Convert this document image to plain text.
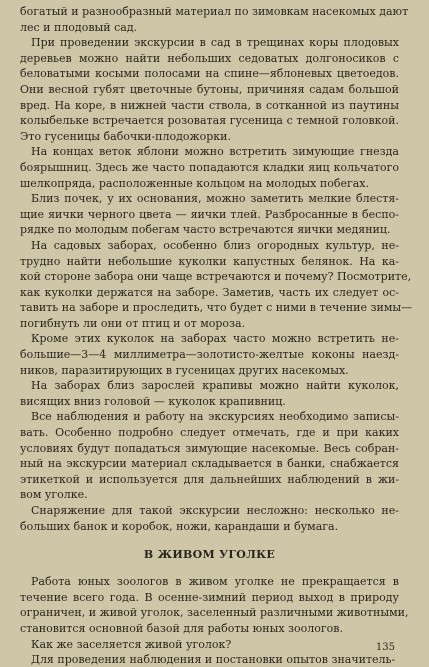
богатый и разнообразный материал по зимовкам насекомых дают
лес и плодовый сад.

При проведении экскурсии в сад в трещинах коры плодовых
деревьев можно найти небольших седоватых долгоносиков с
беловатыми косыми полосами на спине—яблоневых цветоедов.
Они весной губят цветочные бутоны, причиняя садам большой
вред. На коре, в нижней части ствола, в сотканной из паутины
колыбельке встречается розоватая гусеница с темной головкой.
Это гусеницы бабочки-плодожорки.

На концах веток яблони можно встретить зимующие гнезда
боярышниц. Здесь же часто попадаются кладки яиц кольчатого
шелкопряда, расположенные кольцом на молодых побегах.

Близ почек, у их основания, можно заметить мелкие блестя-
щие яички черного цвета — яички тлей. Разбросанные в беспо-
рядке по молодым побегам часто встречаются яички медяниц.

На садовых заборах, особенно близ огородных культур, не-
трудно найти небольшие куколки капустных белянок. На ка-
кой стороне забора они чаще встречаются и почему? Посмотрите,
как куколки держатся на заборе. Заметив, часть их следует ос-
тавить на заборе и проследить, что будет с ними в течение зимы—
погибнуть ли они от птиц и от мороза.

Кроме этих куколок на заборах часто можно встретить не-
большие—3—4 миллиметра—золотисто-желтые коконы наезд-
ников, паразитирующих в гусеницах других насекомых.

На заборах близ зарослей крапивы можно найти куколок,
висящих вниз головой — куколок крапивниц.

Все наблюдения и работу на экскурсиях необходимо записы-
вать. Особенно подробно следует отмечать, где и при каких
условиях будут попадаться зимующие насекомые. Весь собран-
ный на экскурсии материал складывается в банки, снабжается
этикеткой и используется для дальнейших наблюдений в жи-
вом уголке.

Снаряжение для такой экскурсии несложно: несколько не-
больших банок и коробок, ножи, карандаши и бумага.

В ЖИВОМ УГОЛКЕ

Работа юных зоологов в живом уголке не прекращается в
течение всего года. В осенне-зимний период выход в природу
ограничен, и живой уголок, заселенный различными животными,
становится основной базой для работы юных зоологов.

Как же заселяется живой уголок?

Для проведения наблюдения и постановки опытов значитель-

135
